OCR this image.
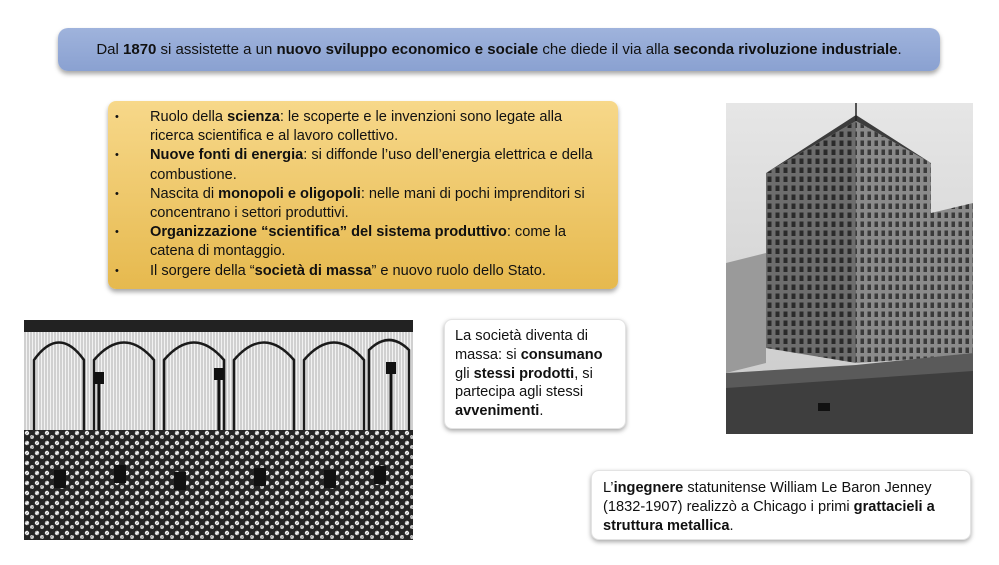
Dal 1870 si assistette a un nuovo sviluppo economico e sociale che diede il via alla seconda rivoluzione industriale.
• Ruolo della scienza: le scoperte e le invenzioni sono legate alla ricerca scientifica e al lavoro collettivo.
• Nuove fonti di energia: si diffonde l’uso dell’energia elettrica e della combustione.
• Nascita di monopoli e oligopoli: nelle mani di pochi imprenditori si concentrano i settori produttivi.
• Organizzazione “scientifica” del sistema produttivo: come la catena di montaggio.
• Il sorgere della “società di massa” e nuovo ruolo dello Stato.
La società diventa di massa: si consumano gli stessi prodotti, si partecipa agli stessi avvenimenti.
L’ingegnere statunitense William Le Baron Jenney (1832-1907) realizzò a Chicago i primi grattacieli a struttura metallica.
